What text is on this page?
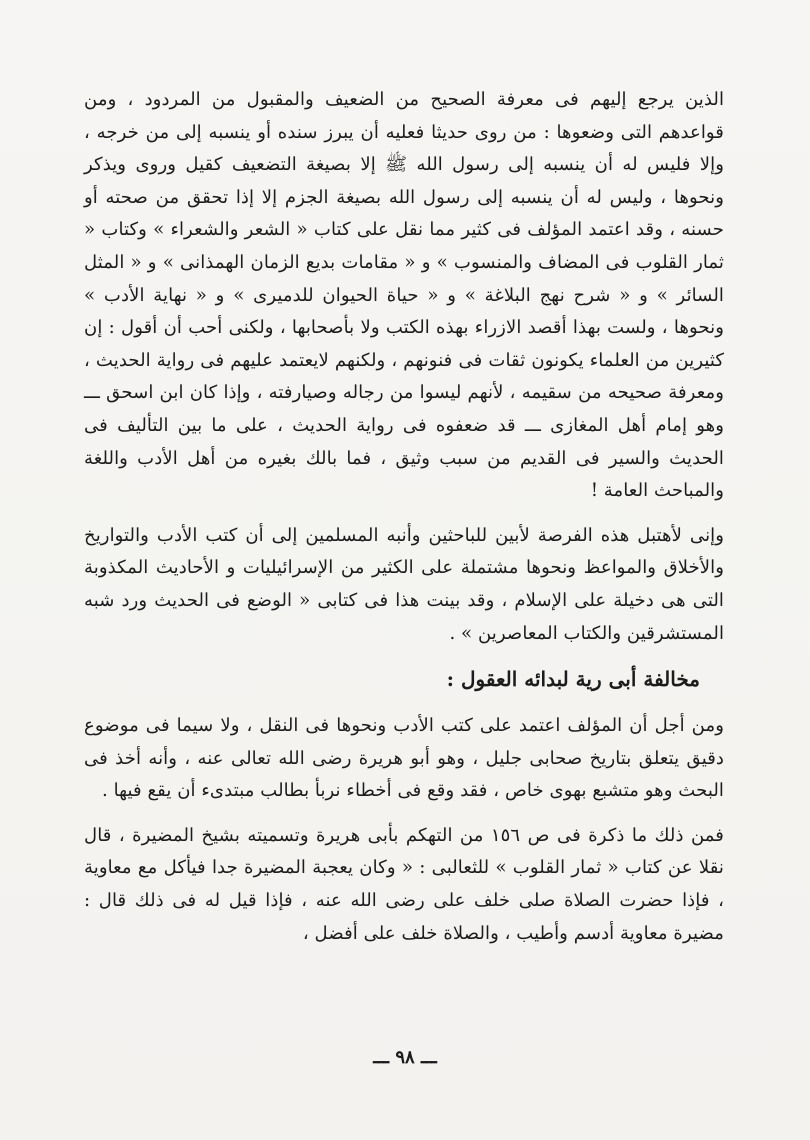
الذين يرجع إليهم فى معرفة الصحيح من الضعيف والمقبول من المردود ، ومن قواعدهم التى وضعوها : من روى حديثا فعليه أن يبرز سنده أو ينسبه إلى من خرجه ، وإلا فليس له أن ينسبه إلى رسول الله ﷺ إلا بصيغة التضعيف كقيل وروى ويذكر ونحوها ، وليس له أن ينسبه إلى رسول الله بصيغة الجزم إلا إذا تحقق من صحته أو حسنه ، وقد اعتمد المؤلف فى كثير مما نقل على كتاب « الشعر والشعراء » وكتاب « ثمار القلوب فى المضاف والمنسوب » و « مقامات بديع الزمان الهمذانى » و « المثل السائر » و « شرح نهج البلاغة » و « حياة الحيوان للدميرى » و « نهاية الأدب » ونحوها ، ولست بهذا أقصد الازراء بهذه الكتب ولا بأصحابها ، ولكنى أحب أن أقول : إن كثيرين من العلماء يكونون ثقات فى فنونهم ، ولكنهم لايعتمد عليهم فى رواية الحديث ، ومعرفة صحيحه من سقيمه ، لأنهم ليسوا من رجاله وصيارفته ، وإذا كان ابن اسحق ـــ وهو إمام أهل المغازى ـــ قد ضعفوه فى رواية الحديث ، على ما بين التأليف فى الحديث والسير فى القديم من سبب وثيق ، فما بالك بغيره من أهل الأدب واللغة والمباحث العامة !

وإنى لأهتبل هذه الفرصة لأبين للباحثين وأنبه المسلمين إلى أن كتب الأدب والتواريخ والأخلاق والمواعظ ونحوها مشتملة على الكثير من الإسرائيليات و الأحاديث المكذوبة التى هى دخيلة على الإسلام ، وقد بينت هذا فى كتابى « الوضع فى الحديث ورد شبه المستشرقين والكتاب المعاصرين » .

مخالفة أبى رية لبدائه العقول :

ومن أجل أن المؤلف اعتمد على كتب الأدب ونحوها فى النقل ، ولا سيما فى موضوع دقيق يتعلق بتاريخ صحابى جليل ، وهو أبو هريرة رضى الله تعالى عنه ، وأنه أخذ فى البحث وهو متشبع بهوى خاص ، فقد وقع فى أخطاء نربأ بطالب مبتدىء أن يقع فيها .

فمن ذلك ما ذكرة فى ص ١٥٦ من التهكم بأبى هريرة وتسميته بشيخ المضيرة ، قال نقلا عن كتاب « ثمار القلوب » للثعالبى : « وكان يعجبة المضيرة جدا فيأكل مع معاوية ، فإذا حضرت الصلاة صلى خلف على رضى الله عنه ، فإذا قيل له فى ذلك قال : مضيرة معاوية أدسم وأطيب ، والصلاة خلف على أفضل ،

ـــ ٩٨ ـــ
